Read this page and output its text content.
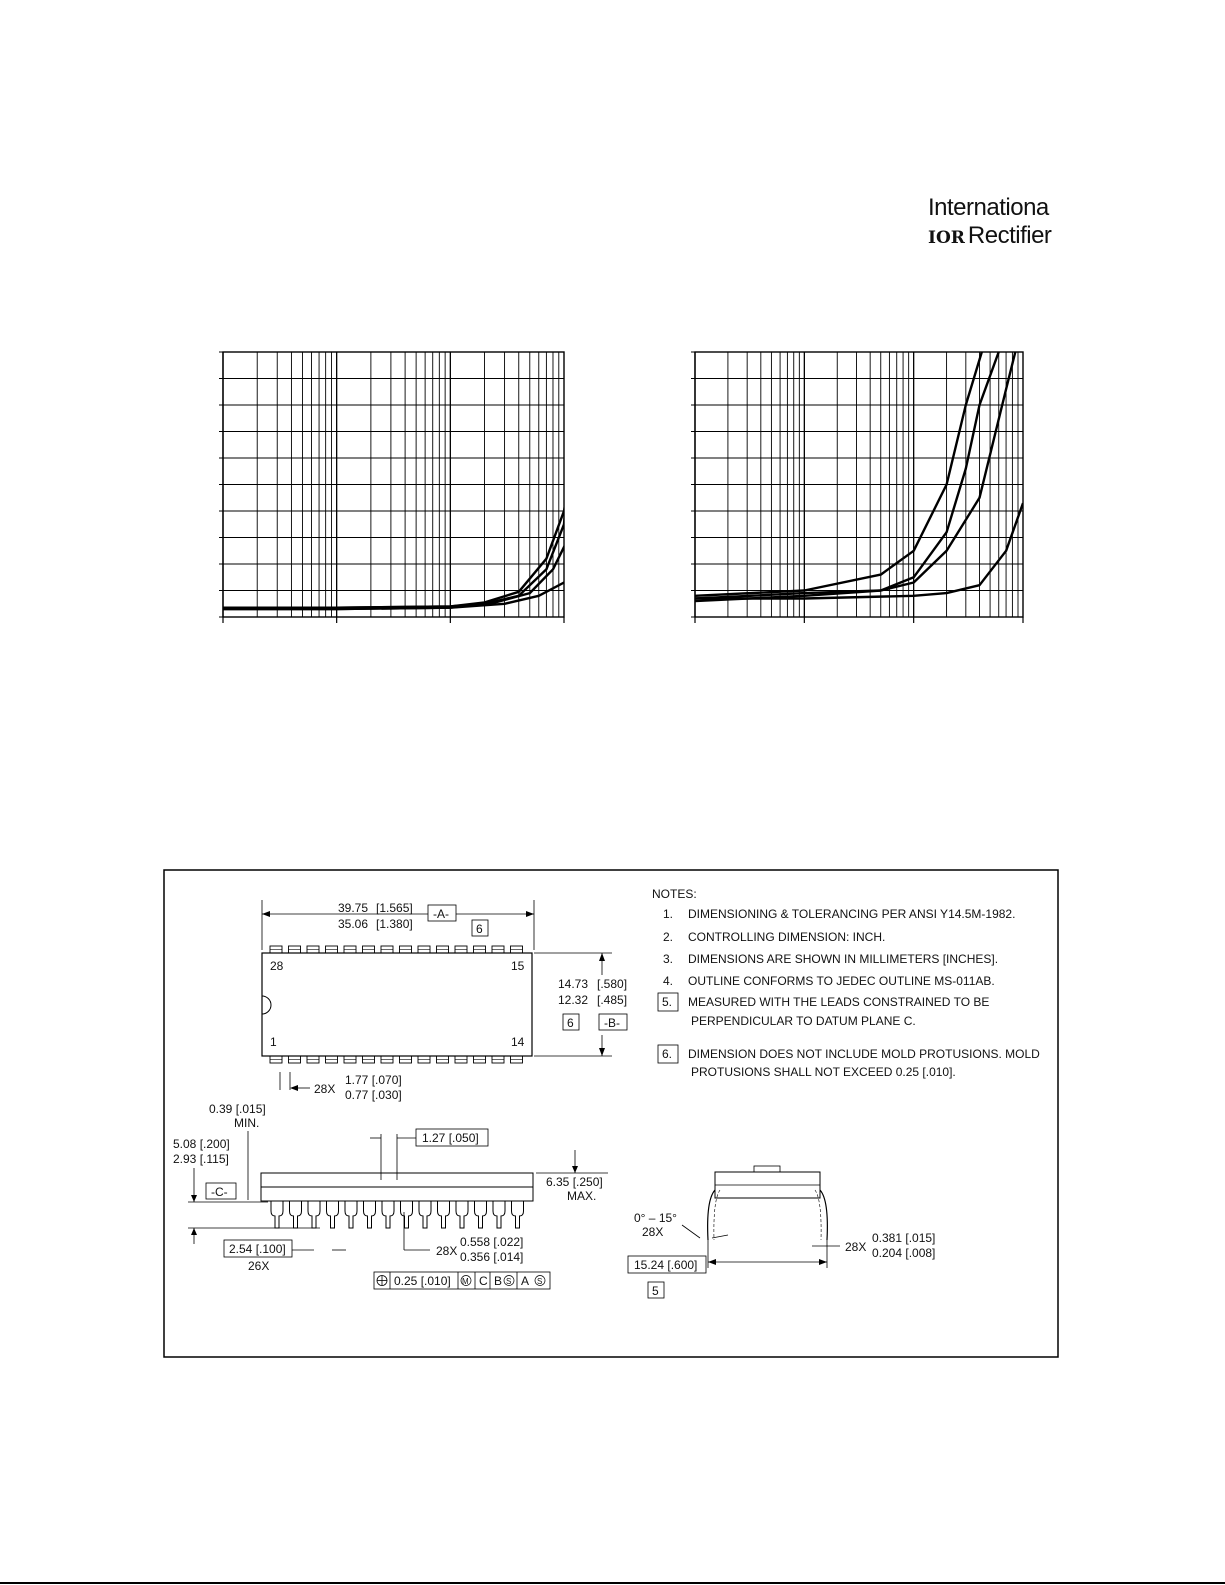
Internationa
IOR Rectifier
28	15
1	14
39.75 [1.565]
35.06 [1.380]
-A-
6
14.73 [.580]
12.32 [.485]
6	-B-
28X
1.77 [.070]
0.77 [.030]
0.39 [.015]
MIN.
5.08 [.200]
2.93 [.115]
-C-
1.27 [.050]
6.35 [.250]
MAX.
2.54 [.100]
26X
28X
0.558 [.022]
0.356 [.014]
0.25 [.010] M C B S A S
0° – 15°
28X
28X
0.381 [.015]
0.204 [.008]
15.24 [.600]
5
NOTES:
1. DIMENSIONING & TOLERANCING PER ANSI Y14.5M-1982.
2. CONTROLLING DIMENSION: INCH.
3. DIMENSIONS ARE SHOWN IN MILLIMETERS [INCHES].
4. OUTLINE CONFORMS TO JEDEC OUTLINE MS-011AB.
5. MEASURED WITH THE LEADS CONSTRAINED TO BE
PERPENDICULAR TO DATUM PLANE C.
6. DIMENSION DOES NOT INCLUDE MOLD PROTUSIONS. MOLD
PROTUSIONS SHALL NOT EXCEED 0.25 [.010].
